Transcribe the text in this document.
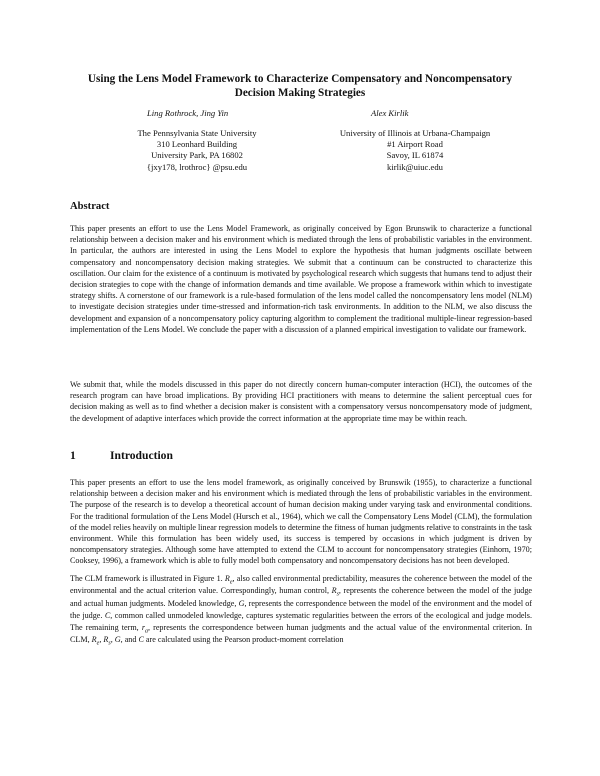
Using the Lens Model Framework to Characterize Compensatory and Noncompensatory
Decision Making Strategies
Ling Rothrock, Jing Yin	Alex Kirlik
The Pennsylvania State University
310 Leonhard Building
University Park, PA 16802
{jxy178, lrothroc} @psu.edu
University of Illinois at Urbana-Champaign
#1 Airport Road
Savoy, IL 61874
kirlik@uiuc.edu
Abstract
This paper presents an effort to use the Lens Model Framework, as originally conceived by Egon Brunswik to characterize a functional relationship between a decision maker and his environment which is mediated through the lens of probabilistic variables in the environment. In particular, the authors are interested in using the Lens Model to explore the hypothesis that human judgments oscillate between compensatory and noncompensatory decision making strategies. We submit that a continuum can be constructed to characterize this oscillation. Our claim for the existence of a continuum is motivated by psychological research which suggests that humans tend to adjust their decision strategies to cope with the change of information demands and time available. We propose a framework within which to investigate strategy shifts. A cornerstone of our framework is a rule-based formulation of the lens model called the noncompensatory lens model (NLM) to investigate decision strategies under time-stressed and information-rich task environments. In addition to the NLM, we also discuss the development and expansion of a noncompensatory policy capturing algorithm to complement the traditional multiple-linear regression-based implementation of the Lens Model. We conclude the paper with a discussion of a planned empirical investigation to validate our framework.
We submit that, while the models discussed in this paper do not directly concern human-computer interaction (HCI), the outcomes of the research program can have broad implications. By providing HCI practitioners with means to determine the salient perceptual cues for decision making as well as to find whether a decision maker is consistent with a compensatory versus noncompensatory mode of judgment, the development of adaptive interfaces which provide the correct information at the appropriate time may be within reach.
1	Introduction
This paper presents an effort to use the lens model framework, as originally conceived by Brunswik (1955), to characterize a functional relationship between a decision maker and his environment which is mediated through the lens of probabilistic variables in the environment. The purpose of the research is to develop a theoretical account of human decision making under varying task and environmental conditions. For the traditional formulation of the Lens Model (Hursch et al., 1964), which we call the Compensatory Lens Model (CLM), the formulation of the model relies heavily on multiple linear regression models to determine the fitness of human judgments relative to constraints in the task environment. While this formulation has been widely used, its success is tempered by occasions in which judgment is driven by noncompensatory strategies. Although some have attempted to extend the CLM to account for noncompensatory strategies (Einhorn, 1970; Cooksey, 1996), a framework which is able to fully model both compensatory and noncompensatory decisions has not been developed.
The CLM framework is illustrated in Figure 1. $R_e$, also called environmental predictability, measures the coherence between the model of the environmental and the actual criterion value. Correspondingly, human control, $R_s$, represents the coherence between the model of the judge and actual human judgments. Modeled knowledge, G, represents the correspondence between the model of the environment and the model of the judge. C, common called unmodeled knowledge, captures systematic regularities between the errors of the ecological and judge models. The remaining term, $r_a$, represents the correspondence between human judgments and the actual value of the environmental criterion. In CLM, $R_e$, $R_s$, G, and C are calculated using the Pearson product-moment correlation
